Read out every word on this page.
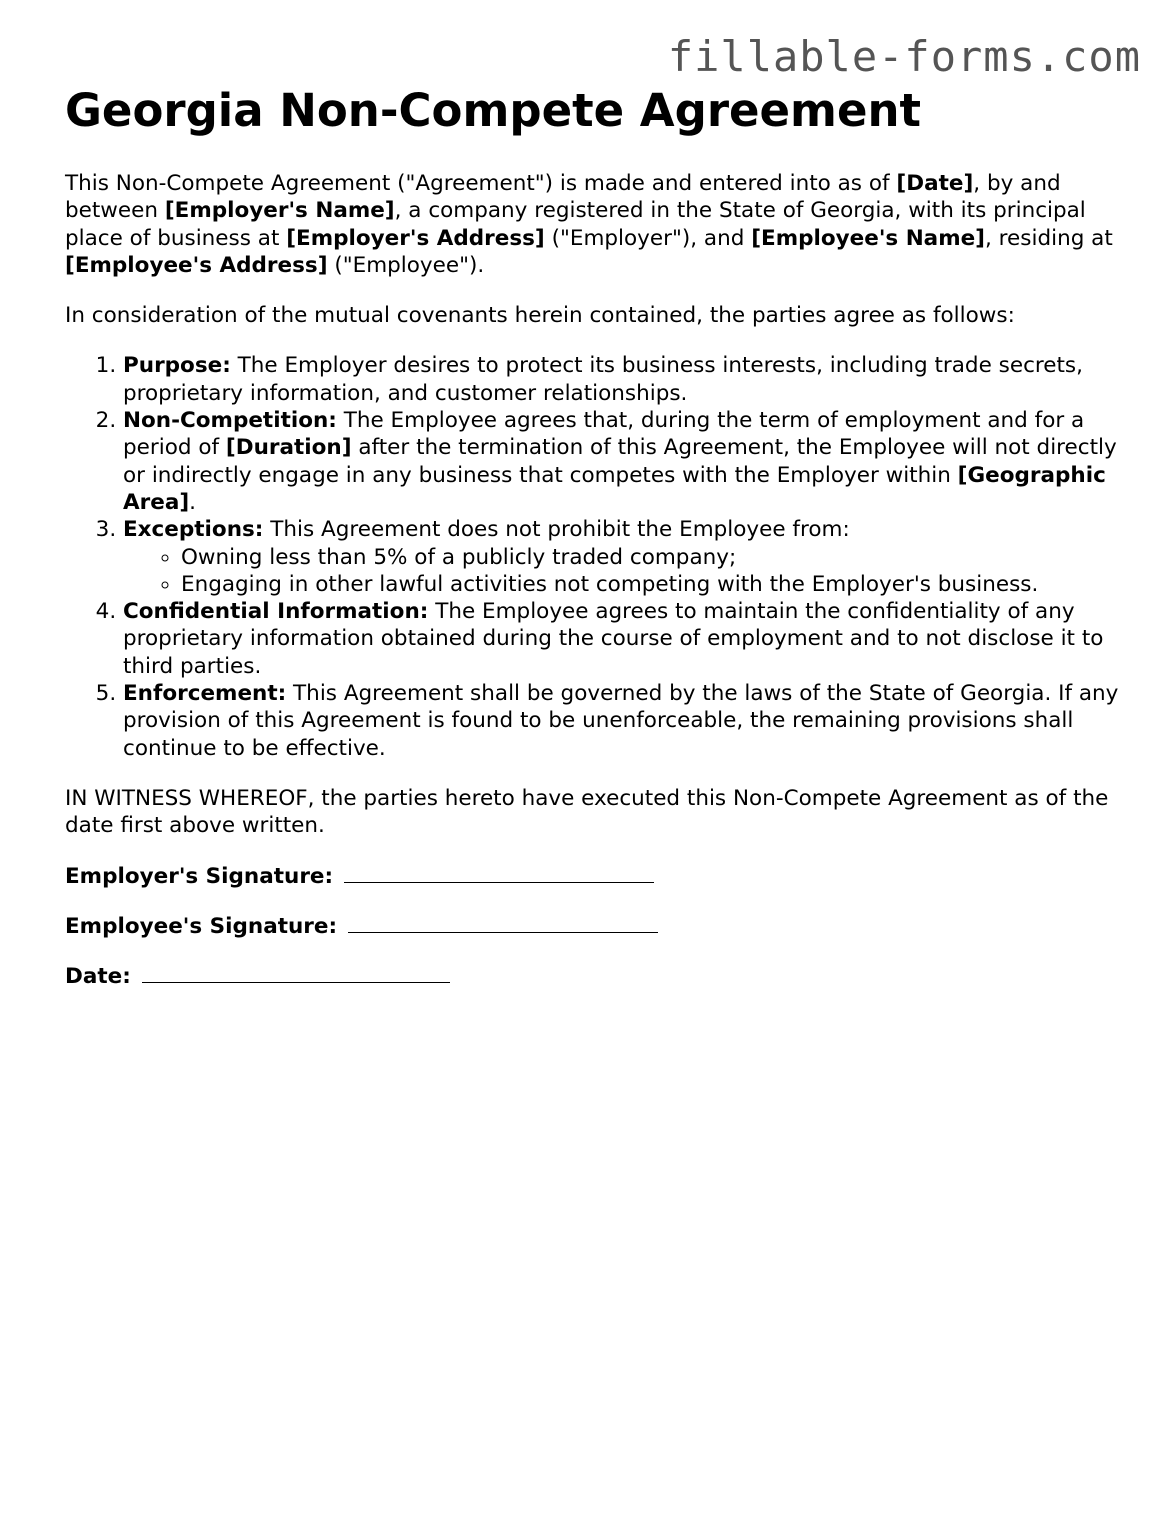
fillable-forms.com
Georgia Non-Compete Agreement

This Non-Compete Agreement ("Agreement") is made and entered into as of [Date], by and between [Employer's Name], a company registered in the State of Georgia, with its principal place of business at [Employer's Address] ("Employer"), and [Employee's Name], residing at [Employee's Address] ("Employee").

In consideration of the mutual covenants herein contained, the parties agree as follows:

1. Purpose: The Employer desires to protect its business interests, including trade secrets, proprietary information, and customer relationships.
2. Non-Competition: The Employee agrees that, during the term of employment and for a period of [Duration] after the termination of this Agreement, the Employee will not directly or indirectly engage in any business that competes with the Employer within [Geographic Area].
3. Exceptions: This Agreement does not prohibit the Employee from:
◦ Owning less than 5% of a publicly traded company;
◦ Engaging in other lawful activities not competing with the Employer's business.
4. Confidential Information: The Employee agrees to maintain the confidentiality of any proprietary information obtained during the course of employment and to not disclose it to third parties.
5. Enforcement: This Agreement shall be governed by the laws of the State of Georgia. If any provision of this Agreement is found to be unenforceable, the remaining provisions shall continue to be effective.

IN WITNESS WHEREOF, the parties hereto have executed this Non-Compete Agreement as of the date first above written.

Employer's Signature:

Employee's Signature:

Date:
